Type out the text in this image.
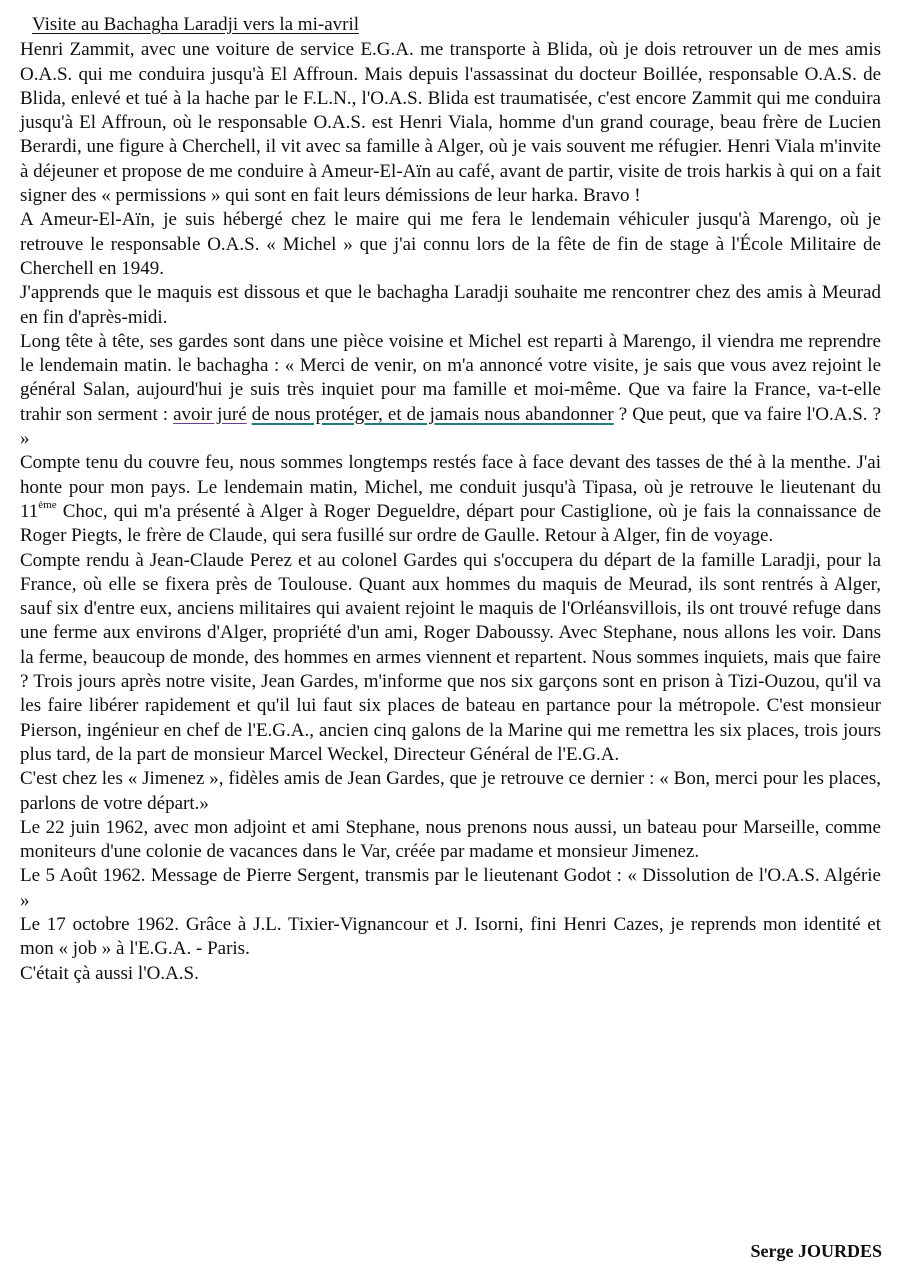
Visite au Bachagha Laradji vers la mi-avril

Henri Zammit, avec une voiture de service E.G.A. me transporte à Blida, où je dois retrouver un de mes amis O.A.S. qui me conduira jusqu'à El Affroun. Mais depuis l'assassinat du docteur Boillée, responsable O.A.S. de Blida, enlevé et tué à la hache par le F.L.N., l'O.A.S. Blida est traumatisée, c'est encore Zammit qui me conduira jusqu'à El Affroun, où le responsable O.A.S. est Henri Viala, homme d'un grand courage, beau frère de Lucien Berardi, une figure à Cherchell, il vit avec sa famille à Alger, où je vais souvent me réfugier. Henri Viala m'invite à déjeuner et propose de me conduire à Ameur-El-Aïn au café, avant de partir, visite de trois harkis à qui on a fait signer des « permissions » qui sont en fait leurs démissions de leur harka. Bravo !

A Ameur-El-Aïn, je suis hébergé chez le maire qui me fera le lendemain véhiculer jusqu'à Marengo, où je retrouve le responsable O.A.S. « Michel » que j'ai connu lors de la fête de fin de stage à l'École Militaire de Cherchell en 1949.

J'apprends que le maquis est dissous et que le bachagha Laradji souhaite me rencontrer chez des amis à Meurad en fin d'après-midi.

Long tête à tête, ses gardes sont dans une pièce voisine et Michel est reparti à Marengo, il viendra me reprendre le lendemain matin. le bachagha : « Merci de venir, on m'a annoncé votre visite, je sais que vous avez rejoint le général Salan, aujourd'hui je suis très inquiet pour ma famille et moi-même. Que va faire la France, va-t-elle trahir son serment : avoir juré de nous protéger, et de jamais nous abandonner ? Que peut, que va faire l'O.A.S. ? »

Compte tenu du couvre feu, nous sommes longtemps restés face à face devant des tasses de thé à la menthe. J'ai honte pour mon pays. Le lendemain matin, Michel, me conduit jusqu'à Tipasa, où je retrouve le lieutenant du 11ème Choc, qui m'a présenté à Alger à Roger Degueldre, départ pour Castiglione, où je fais la connaissance de Roger Piegts, le frère de Claude, qui sera fusillé sur ordre de Gaulle. Retour à Alger, fin de voyage.

Compte rendu à Jean-Claude Perez et au colonel Gardes qui s'occupera du départ de la famille Laradji, pour la France, où elle se fixera près de Toulouse. Quant aux hommes du maquis de Meurad, ils sont rentrés à Alger, sauf six d'entre eux, anciens militaires qui avaient rejoint le maquis de l'Orléansvillois, ils ont trouvé refuge dans une ferme aux environs d'Alger, propriété d'un ami, Roger Daboussy. Avec Stephane, nous allons les voir. Dans la ferme, beaucoup de monde, des hommes en armes viennent et repartent. Nous sommes inquiets, mais que faire ? Trois jours après notre visite, Jean Gardes, m'informe que nos six garçons sont en prison à Tizi-Ouzou, qu'il va les faire libérer rapidement et qu'il lui faut six places de bateau en partance pour la métropole. C'est monsieur Pierson, ingénieur en chef de l'E.G.A., ancien cinq galons de la Marine qui me remettra les six places, trois jours plus tard, de la part de monsieur Marcel Weckel, Directeur Général de l'E.G.A.

C'est chez les « Jimenez », fidèles amis de Jean Gardes, que je retrouve ce dernier : « Bon, merci pour les places, parlons de votre départ.»

Le 22 juin 1962, avec mon adjoint et ami Stephane, nous prenons nous aussi, un bateau pour Marseille, comme moniteurs d'une colonie de vacances dans le Var, créée par madame et monsieur Jimenez.

Le 5 Août 1962. Message de Pierre Sergent, transmis par le lieutenant Godot : « Dissolution de l'O.A.S. Algérie »

Le 17 octobre 1962. Grâce à J.L. Tixier-Vignancour et J. Isorni, fini Henri Cazes, je reprends mon identité et mon « job » à l'E.G.A. - Paris.

C'était çà aussi l'O.A.S.

Serge JOURDES
